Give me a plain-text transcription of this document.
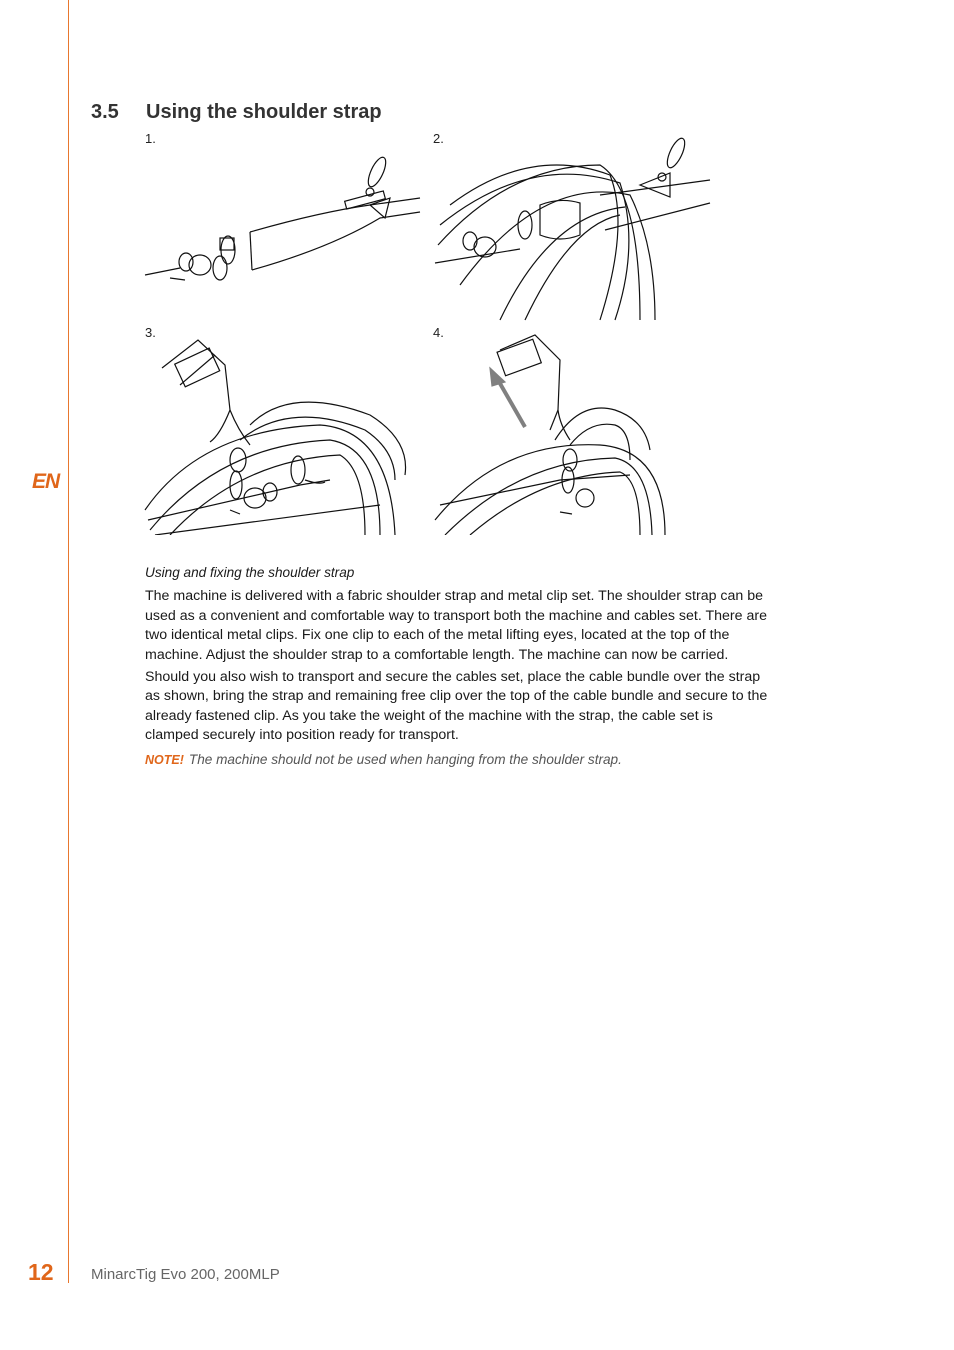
EN
3.5 Using the shoulder strap
1.	2.
3.	4.

Using and fixing the shoulder strap

The machine is delivered with a fabric shoulder strap and metal clip set. The shoulder strap can be used as a convenient and comfortable way to transport both the machine and cables set. There are two identical metal clips. Fix one clip to each of the metal lifting eyes, located at the top of the machine. Adjust the shoulder strap to a comfortable length. The machine can now be carried.

Should you also wish to transport and secure the cables set, place the cable bundle over the strap as shown, bring the strap and remaining free clip over the top of the cable bundle and secure to the already fastened clip. As you take the weight of the machine with the strap, the cable set is clamped securely into position ready for transport.

NOTE! The machine should not be used when hanging from the shoulder strap.
12 MinarcTig Evo 200, 200MLP
